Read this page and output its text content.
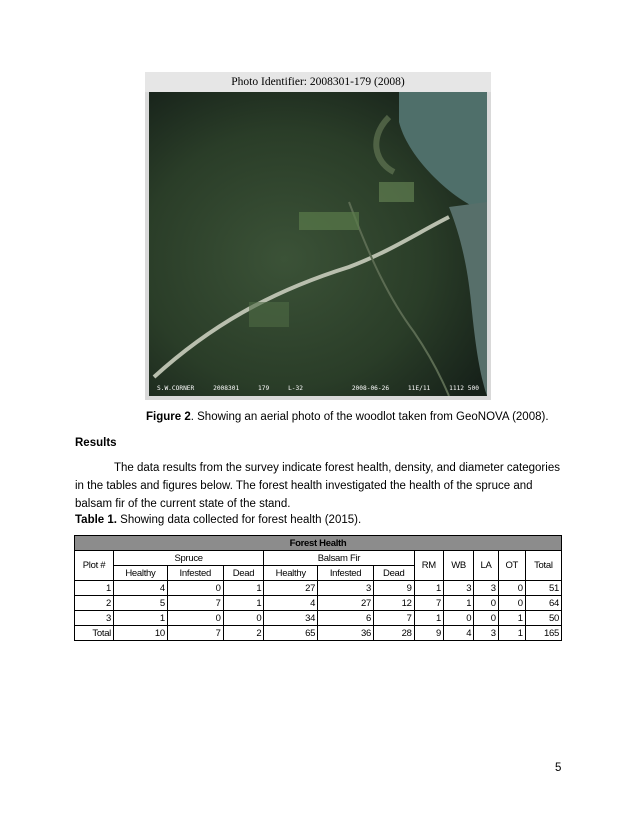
Photo Identifier: 2008301-179 (2008)
S.W.CORNER	2008301	179	L-32	2008-06-26	11E/11	1112 500
Figure 2. Showing an aerial photo of the woodlot taken from GeoNOVA (2008).
Results
The data results from the survey indicate forest health, density, and diameter categories in the tables and figures below. The forest health investigated the health of the spruce and balsam fir of the current state of the stand.
Table 1. Showing data collected for forest health (2015).
Forest Health											
Plot #	Spruce			Balsam Fir			RM	WB	LA	OT	Total
	Healthy	Infested	Dead	Healthy	Infested	Dead					
1	4	0	1	27	3	9	1	3	3	0	51
2	5	7	1	4	27	12	7	1	0	0	64
3	1	0	0	34	6	7	1	0	0	1	50
Total	10	7	2	65	36	28	9	4	3	1	165
5
